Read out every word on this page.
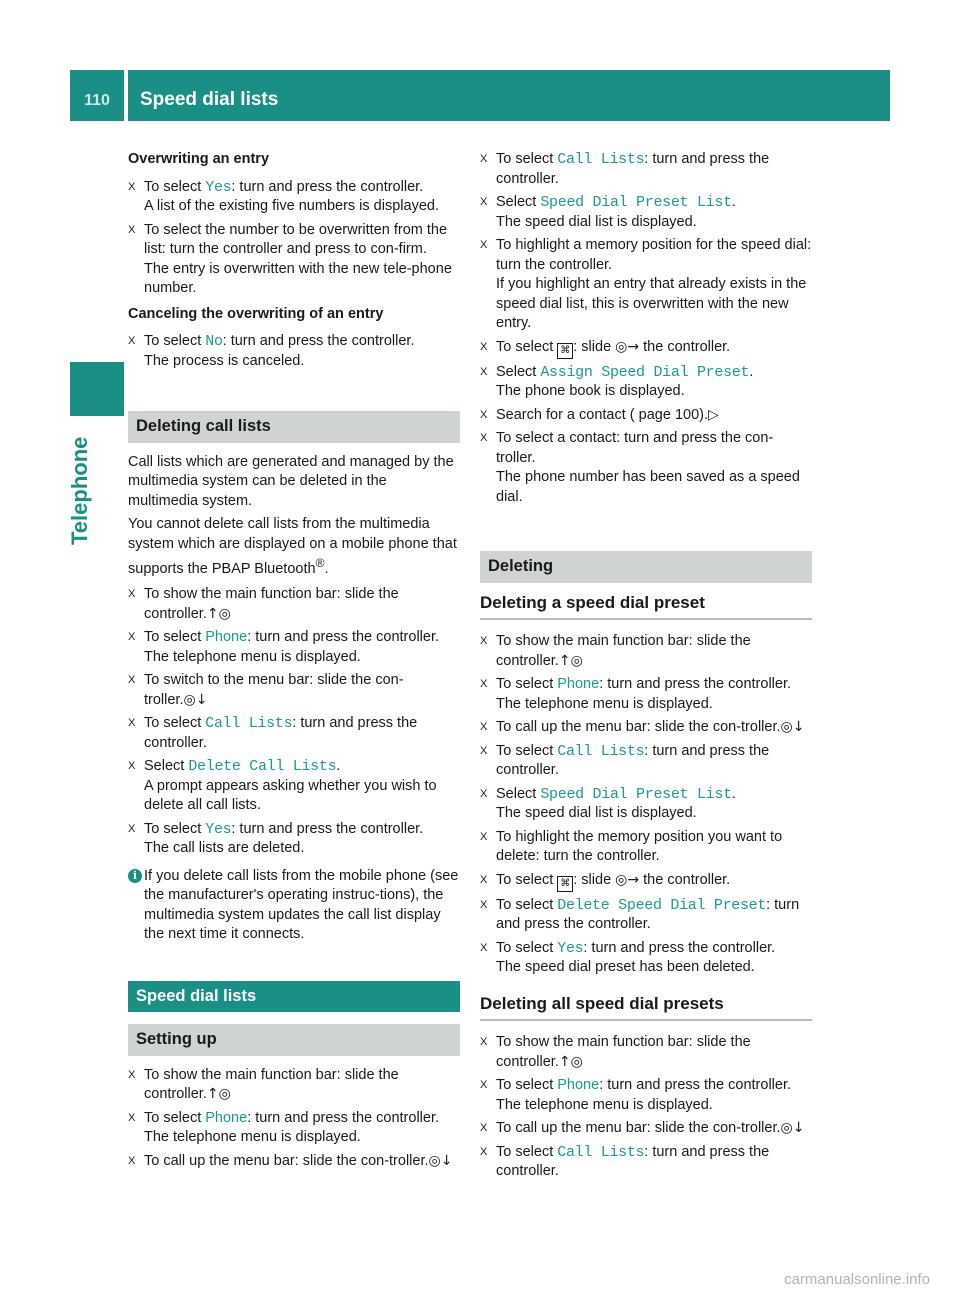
110	Speed dial lists
Telephone
Overwriting an entry
X To select Yes: turn and press the controller.

A list of the existing five numbers is displayed.

X To select the number to be overwritten from the list: turn the controller and press to con-firm.

The entry is overwritten with the new tele-phone number.

Canceling the overwriting of an entry
X To select No: turn and press the controller.

The process is canceled.

Deleting call lists

Call lists which are generated and managed by the multimedia system can be deleted in the multimedia system.

You cannot delete call lists from the multimedia system which are displayed on a mobile phone that supports the PBAP Bluetooth®.

X To show the main function bar: slide the controller.↑◎

X To select Phone: turn and press the controller.

The telephone menu is displayed.

X To switch to the menu bar: slide the con-troller.◎↓

X To select Call Lists: turn and press the controller.

X Select Delete Call Lists.

A prompt appears asking whether you wish to delete all call lists.

X To select Yes: turn and press the controller.

The call lists are deleted.

i If you delete call lists from the mobile phone (see the manufacturer's operating instruc-tions), the multimedia system updates the call list display the next time it connects.
Speed dial lists
Setting up
X To show the main function bar: slide the controller.↑◎

X To select Phone: turn and press the controller.

The telephone menu is displayed.

X To call up the menu bar: slide the con-troller.◎↓

X To select Call Lists: turn and press the controller.

X Select Speed Dial Preset List.

The speed dial list is displayed.

X To highlight a memory position for the speed dial: turn the controller.

If you highlight an entry that already exists in the speed dial list, this is overwritten with the new entry.

X To select ⌘ : slide ◎→ the controller.

X Select Assign Speed Dial Preset.

The phone book is displayed.

X Search for a contact ( page 100).▷

X To select a contact: turn and press the con-troller.

The phone number has been saved as a speed dial.

Deleting
Deleting a speed dial preset
X To show the main function bar: slide the controller.↑◎

X To select Phone: turn and press the controller.

The telephone menu is displayed.

X To call up the menu bar: slide the con-troller.◎↓

X To select Call Lists: turn and press the controller.

X Select Speed Dial Preset List.

The speed dial list is displayed.

X To highlight the memory position you want to delete: turn the controller.

X To select ⌘ : slide ◎→ the controller.

X To select Delete Speed Dial Preset: turn and press the controller.

X To select Yes: turn and press the controller.

The speed dial preset has been deleted.

Deleting all speed dial presets
X To show the main function bar: slide the controller.↑◎

X To select Phone: turn and press the controller.

The telephone menu is displayed.

X To call up the menu bar: slide the con-troller.◎↓

X To select Call Lists: turn and press the controller.

carmanualsonline.info
